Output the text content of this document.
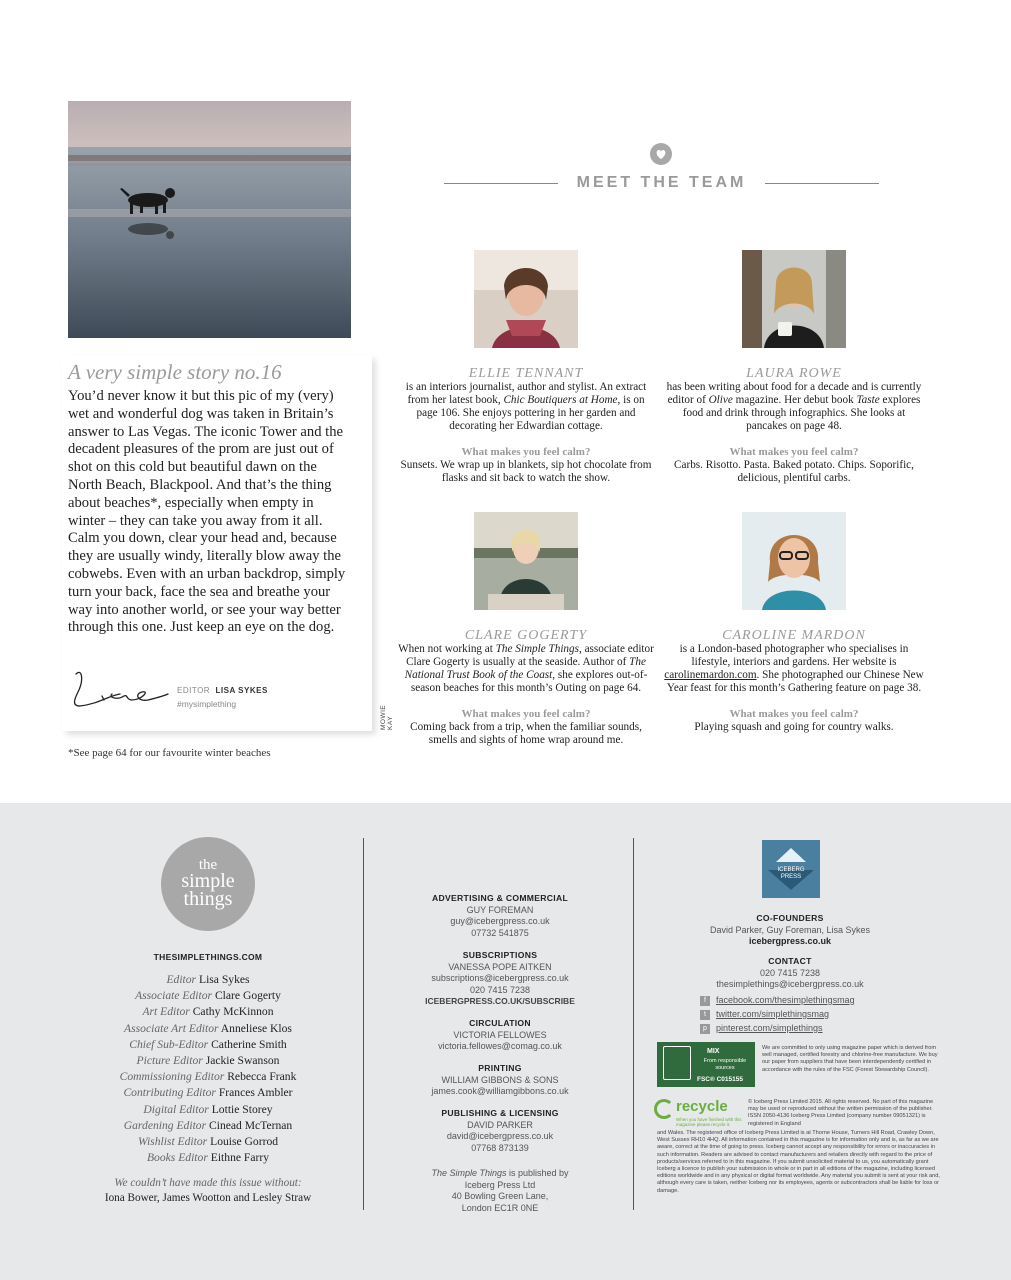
A very simple story no.16
You’d never know it but this pic of my (very) wet and wonderful dog was taken in Britain’s answer to Las Vegas. The iconic Tower and the decadent pleasures of the prom are just out of shot on this cold but beautiful dawn on the North Beach, Blackpool. And that’s the thing about beaches*, especially when empty in winter – they can take you away from it all. Calm you down, clear your head and, because they are usually windy, literally blow away the cobwebs. Even with an urban backdrop, simply turn your back, face the sea and breathe your way into another world, or see your way better through this one. Just keep an eye on the dog.
EDITOR LISA SYKES
#mysimplething
MOWIE KAY
*See page 64 for our favourite winter beaches
MEET THE TEAM
ELLIE TENNANT
is an interiors journalist, author and stylist. An extract from her latest book, Chic Boutiquers at Home, is on page 106. She enjoys pottering in her garden and decorating her Edwardian cottage.
What makes you feel calm?
Sunsets. We wrap up in blankets, sip hot chocolate from flasks and sit back to watch the show.
LAURA ROWE
has been writing about food for a decade and is currently editor of Olive magazine. Her debut book Taste explores food and drink through infographics. She looks at pancakes on page 48.
What makes you feel calm?
Carbs. Risotto. Pasta. Baked potato. Chips. Soporific, delicious, plentiful carbs.
CLARE GOGERTY
When not working at The Simple Things, associate editor Clare Gogerty is usually at the seaside. Author of The National Trust Book of the Coast, she explores out-of-season beaches for this month’s Outing on page 64.
What makes you feel calm?
Coming back from a trip, when the familiar sounds, smells and sights of home wrap around me.
CAROLINE MARDON
is a London-based photographer who specialises in lifestyle, interiors and gardens. Her website is carolinemardon.com. She photographed our Chinese New Year feast for this month’s Gathering feature on page 38.
What makes you feel calm?
Playing squash and going for country walks.
the
simple
things
THESIMPLETHINGS.COM
Editor Lisa Sykes
Associate Editor Clare Gogerty
Art Editor Cathy McKinnon
Associate Art Editor Anneliese Klos
Chief Sub-Editor Catherine Smith
Picture Editor Jackie Swanson
Commissioning Editor Rebecca Frank
Contributing Editor Frances Ambler
Digital Editor Lottie Storey
Gardening Editor Cinead McTernan
Wishlist Editor Louise Gorrod
Books Editor Eithne Farry
We couldn’t have made this issue without:
Iona Bower, James Wootton and Lesley Straw
ADVERTISING & COMMERCIAL
GUY FOREMAN
guy@icebergpress.co.uk
07732 541875
SUBSCRIPTIONS
VANESSA POPE AITKEN
subscriptions@icebergpress.co.uk
020 7415 7238
ICEBERGPRESS.CO.UK/SUBSCRIBE
CIRCULATION
VICTORIA FELLOWES
victoria.fellowes@comag.co.uk
PRINTING
WILLIAM GIBBONS & SONS
james.cook@williamgibbons.co.uk
PUBLISHING & LICENSING
DAVID PARKER
david@icebergpress.co.uk
07768 873139
The Simple Things is published by
Iceberg Press Ltd
40 Bowling Green Lane,
London EC1R 0NE
ICEBERG
PRESS
CO-FOUNDERS
David Parker, Guy Foreman, Lisa Sykes
icebergpress.co.uk
CONTACT
020 7415 7238
thesimplethings@icebergpress.co.uk
f facebook.com/thesimplethingsmag
t twitter.com/simplethingsmag
p pinterest.com/simplethings
MIX
From responsible sources
FSC® C015155
We are committed to only using magazine paper which is derived from well managed, certified forestry and chlorine-free manufacture. We buy our paper from suppliers that have been interdependently certified in accordance with the rules of the FSC (Forest Stewardship Council).
recycle
When you have finished with this magazine please recycle it.
© Iceberg Press Limited 2015. All rights reserved. No part of this magazine may be used or reproduced without the written permission of the publisher. ISSN 2050-4136 Iceberg Press Limited (company number 09051321) is registered in England
and Wales. The registered office of Iceberg Press Limited is at Thorne House, Turners Hill Road, Crawley Down, West Sussex RH10 4HQ. All information contained in this magazine is for information only and is, as far as we are aware, correct at the time of going to press. Iceberg cannot accept any responsibility for errors or inaccuracies in such information. Readers are advised to contact manufacturers and retailers directly with regard to the price of products/services referred to in this magazine. If you submit unsolicited material to us, you automatically grant Iceberg a licence to publish your submission in whole or in part in all editions of the magazine, including licensed editions worldwide and in any physical or digital format worldwide. Any material you submit is sent at your risk and, although every care is taken, neither Iceberg nor its employees, agents or subcontractors shall be liable for loss or damage.
